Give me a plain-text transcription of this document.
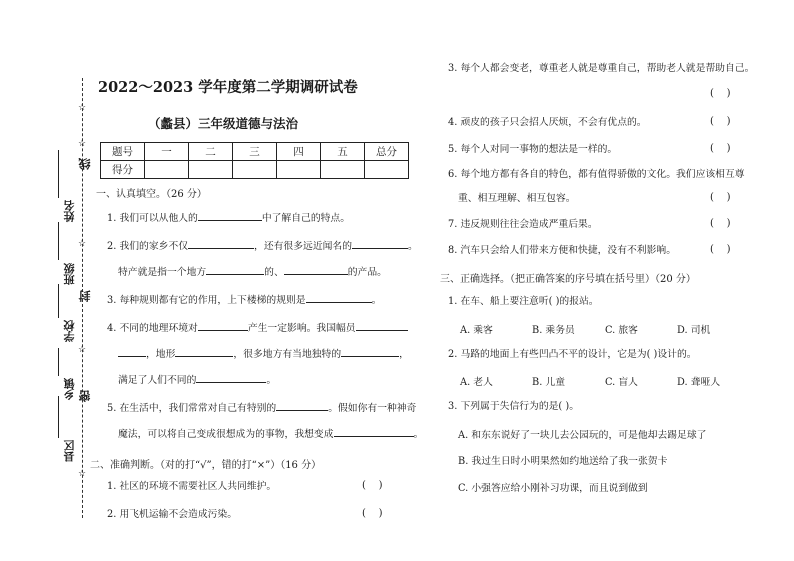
☆
☆
线
☆
封
☆
密
☆
姓名
班级
学校
乡镇
县区
2022～2023 学年度第二学期调研试卷
（蠡县）三年级道德与法治
题号	一	二	三	四	五	总分
得分						
一、认真填空。（26 分）
1. 我们可以从他人的	中了解自己的特点。
2. 我们的家乡不仅	，还有很多远近闻名的	。
特产就是指一个地方	的、	的产品。
3. 每种规则都有它的作用，上下楼梯的规则是	。
4. 不同的地理环境对	产生一定影响。我国幅员
，地形	，很多地方有当地独特的	，
满足了人们不同的	。
5. 在生活中，我们常常对自己有特别的	。假如你有一种神奇
魔法，可以将自己变成很想成为的事物，我想变成	。
二、准确判断。（对的打“√”，错的打“×”）（16 分）
1. 社区的环境不需要社区人共同维护。	(    )
2. 用飞机运输不会造成污染。	(    )
3. 每个人都会变老，尊重老人就是尊重自己，帮助老人就是帮助自己。
(    )
4. 顽皮的孩子只会招人厌烦，不会有优点的。	(    )
5. 每个人对同一事物的想法是一样的。	(    )
6. 每个地方都有各自的特色，都有值得骄傲的文化。我们应该相互尊
重、相互理解、相互包容。	(    )
7. 违反规则往往会造成严重后果。	(    )
8. 汽车只会给人们带来方便和快捷，没有不利影响。	(    )
三、正确选择。（把正确答案的序号填在括号里）（20 分）
1. 在车、船上要注意听( )的报站。
A. 乘客	B. 乘务员	C. 旅客	D. 司机
2. 马路的地面上有些凹凸不平的设计，它是为( )设计的。
A. 老人	B. 儿童	C. 盲人	D. 聋哑人
3. 下列属于失信行为的是( )。
A. 和东东说好了一块儿去公园玩的，可是他却去踢足球了
B. 我过生日时小明果然如约地送给了我一张贺卡
C. 小强答应给小刚补习功课，而且说到做到
